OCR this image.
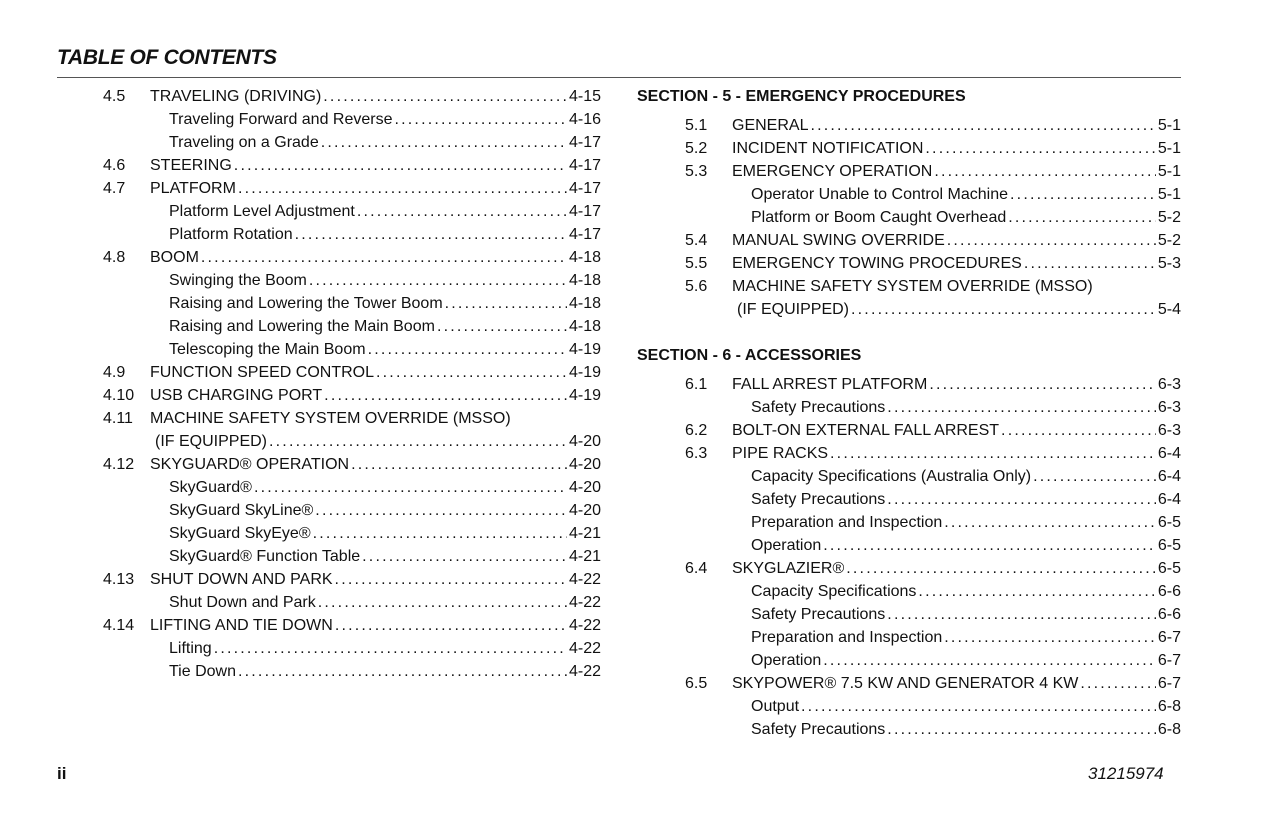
TABLE OF CONTENTS
4.5	TRAVELING (DRIVING) .....	4-15
Traveling Forward and Reverse .....	4-16
Traveling on a Grade .....	4-17
4.6	STEERING .....	4-17
4.7	PLATFORM .....	4-17
Platform Level Adjustment .....	4-17
Platform Rotation .....	4-17
4.8	BOOM .....	4-18
Swinging the Boom .....	4-18
Raising and Lowering the Tower Boom .....	4-18
Raising and Lowering the Main Boom .....	4-18
Telescoping the Main Boom .....	4-19
4.9	FUNCTION SPEED CONTROL .....	4-19
4.10 USB CHARGING PORT .....	4-19
4.11	MACHINE SAFETY SYSTEM OVERRIDE (MSSO)
(IF EQUIPPED) .....	4-20
4.12 SKYGUARD® OPERATION .....	4-20
SkyGuard® .....	4-20
SkyGuard SkyLine® .....	4-20
SkyGuard SkyEye® .....	4-21
SkyGuard® Function Table .....	4-21
4.13 SHUT DOWN AND PARK .....	4-22
Shut Down and Park .....	4-22
4.14 LIFTING AND TIE DOWN .....	4-22
Lifting .....	4-22
Tie Down .....	4-22
SECTION - 5 - EMERGENCY PROCEDURES
5.1	GENERAL .....	5-1
5.2	INCIDENT NOTIFICATION .....	5-1
5.3	EMERGENCY OPERATION .....	5-1
Operator Unable to Control Machine .....	5-1
Platform or Boom Caught Overhead .....	5-2
5.4	MANUAL SWING OVERRIDE .....	5-2
5.5	EMERGENCY TOWING PROCEDURES .....	5-3
5.6	MACHINE SAFETY SYSTEM OVERRIDE (MSSO)
(IF EQUIPPED) .....	5-4
SECTION - 6 - ACCESSORIES
6.1	FALL ARREST PLATFORM .....	6-3
Safety Precautions .....	6-3
6.2	BOLT-ON EXTERNAL FALL ARREST .....	6-3
6.3	PIPE RACKS .....	6-4
Capacity Specifications (Australia Only) .....	6-4
Safety Precautions .....	6-4
Preparation and Inspection .....	6-5
Operation .....	6-5
6.4	SKYGLAZIER® .....	6-5
Capacity Specifications .....	6-6
Safety Precautions .....	6-6
Preparation and Inspection .....	6-7
Operation .....	6-7
6.5	SKYPOWER® 7.5 KW AND GENERATOR 4 KW .....	6-7
Output .....	6-8
Safety Precautions .....	6-8
ii	31215974
